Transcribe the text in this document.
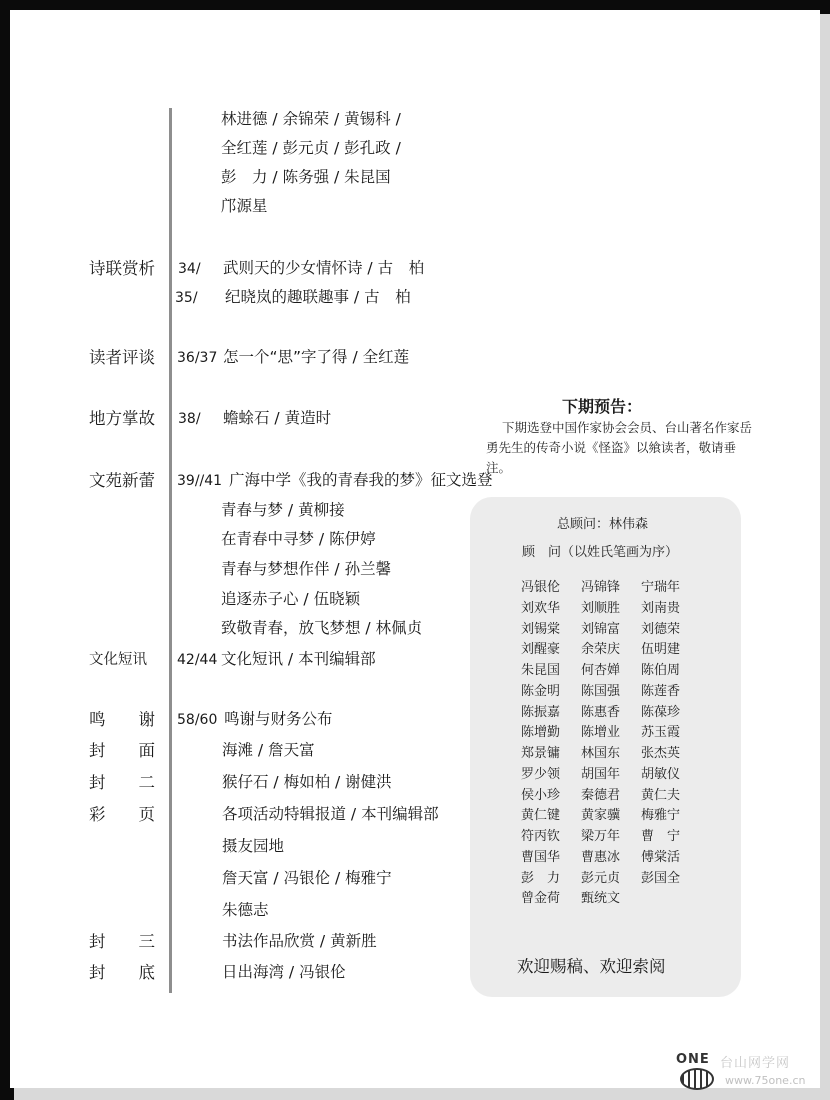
林进德 / 余锦荣 / 黄锡科 /
全红莲 / 彭元贞 / 彭孔政 /
彭　力 / 陈务强 / 朱昆国
邝源星
诗联赏析 34/ 武则天的少女情怀诗 / 古　柏
35/ 纪晓岚的趣联趣事 / 古　柏
读者评谈 36/37 怎一个“思”字了得 / 全红莲
地方掌故 38/ 蟾蜍石 / 黄造时
文苑新蕾 39//41 广海中学《我的青春我的梦》征文选登
青春与梦 / 黄柳接
在青春中寻梦 / 陈伊婷
青春与梦想作伴 / 孙兰馨
追逐赤子心 / 伍晓颖
致敬青春，放飞梦想 / 林佩贞
文化短讯 42/44 文化短讯 / 本刊编辑部
鸣　　谢 58/60 鸣谢与财务公布
封　　面	海滩 / 詹天富
封　　二	猴仔石 / 梅如柏 / 谢健洪
彩　　页	各项活动特辑报道 / 本刊编辑部
摄友园地
詹天富 / 冯银伦 / 梅雅宁
朱德志
封　　三	书法作品欣赏 / 黄新胜
封　　底	日出海湾 / 冯银伦
下期预告：
下期选登中国作家协会会员、台山著名作家岳勇先生的传奇小说《怪盗》以飨读者，敬请垂注。
总顾问：林伟森
顾　问（以姓氏笔画为序）
冯银伦	冯锦锋	宁瑞年
刘欢华	刘顺胜	刘南贵
刘锡棠	刘锦富	刘德荣
刘醒豪	余荣庆	伍明建
朱昆国	何杏婵	陈伯周
陈金明	陈国强	陈莲香
陈振嘉	陈惠香	陈葆珍
陈增勤	陈增业	苏玉霞
郑景镛	林国东	张杰英
罗少领	胡国年	胡敏仪
侯小珍	秦德君	黄仁夫
黄仁键	黄家骥	梅雅宁
符丙钦	梁万年	曹　宁
曹国华	曹惠冰	傅棠活
彭　力	彭元贞	彭国全
曾金荷	甄统文
欢迎赐稿、欢迎索阅
ONE 台山网学网
www.75one.cn
